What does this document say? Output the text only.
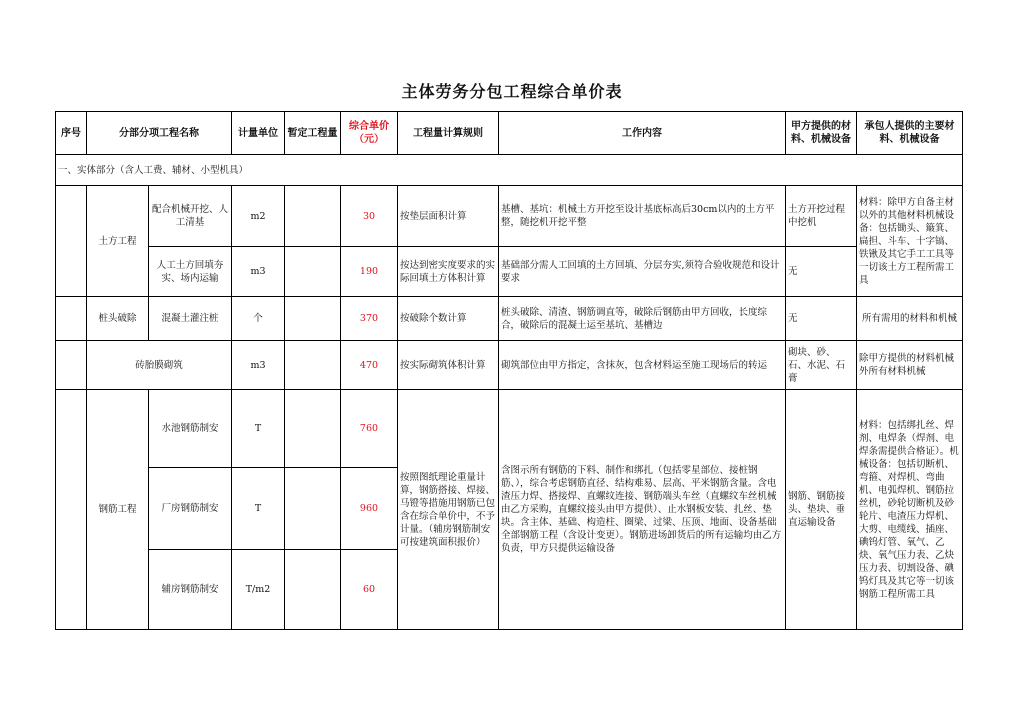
主体劳务分包工程综合单价表
序号	分部分项工程名称		计量单位	暂定工程量	综合单价（元）	工程量计算规则	工作内容	甲方提供的材料、机械设备	承包人提供的主要材料、机械设备
一、实体部分（含人工费、辅材、小型机具）									
	土方工程	配合机械开挖、人工清基	m2		30	按垫层面积计算	基槽、基坑：机械土方开挖至设计基底标高后30cm以内的土方平整，随挖机开挖平整	土方开挖过程中挖机	材料：除甲方自备主材以外的其他材料机械设备：包括锄头、簸箕、扁担、斗车、十字镐、铁锹及其它手工工具等一切该土方工程所需工具
		人工土方回填夯实、场内运输	m3		190	按达到密实度要求的实际回填土方体积计算	基础部分需人工回填的土方回填、分层夯实,须符合验收规范和设计要求	无	
	桩头破除	混凝土灌注桩	个		370	按破除个数计算	桩头破除、清渣、钢筋调直等，破除后钢筋由甲方回收，长度综合，破除后的混凝土运至基坑、基槽边	无	所有需用的材料和机械
	砖胎膜砌筑		m3		470	按实际砌筑体积计算	砌筑部位由甲方指定，含抹灰，包含材料运至施工现场后的转运	砌块、砂、石、水泥、石膏	除甲方提供的材料机械外所有材料机械
	钢筋工程	水池钢筋制安	T		760	按照图纸理论重量计算，钢筋搭接、焊接、马镫等措施用钢筋已包含在综合单价中，不予计量。（辅房钢筋制安可按建筑面积报价）	含图示所有钢筋的下料、制作和绑扎（包括零星部位、接桩钢筋、），综合考虑钢筋直径、结构难易、层高、平米钢筋含量。含电渣压力焊、搭接焊、直螺纹连接、钢筋端头车丝（直螺纹车丝机械由乙方采购，直螺纹接头由甲方提供）、止水钢板安装、扎丝、垫块。含主体、基础、构造柱、圈梁、过梁、压顶、地面、设备基础全部钢筋工程（含设计变更）。钢筋进场卸货后的所有运输均由乙方负责，甲方只提供运输设备	钢筋、钢筋接头、垫块、垂直运输设备	材料：包括绑扎丝、焊剂、电焊条（焊剂、电焊条需提供合格证）。机械设备：包括切断机、弯箍、对焊机、弯曲机、电弧焊机、钢筋拉丝机，砂轮切断机及砂轮片、电渣压力焊机、大剪、电缆线、插座、碘钨灯管、氧气、乙炔、氧气压力表、乙炔压力表、切割设备、碘钨灯具及其它等一切该钢筋工程所需工具
		厂房钢筋制安	T		960				
		辅房钢筋制安	T/m2		60				
